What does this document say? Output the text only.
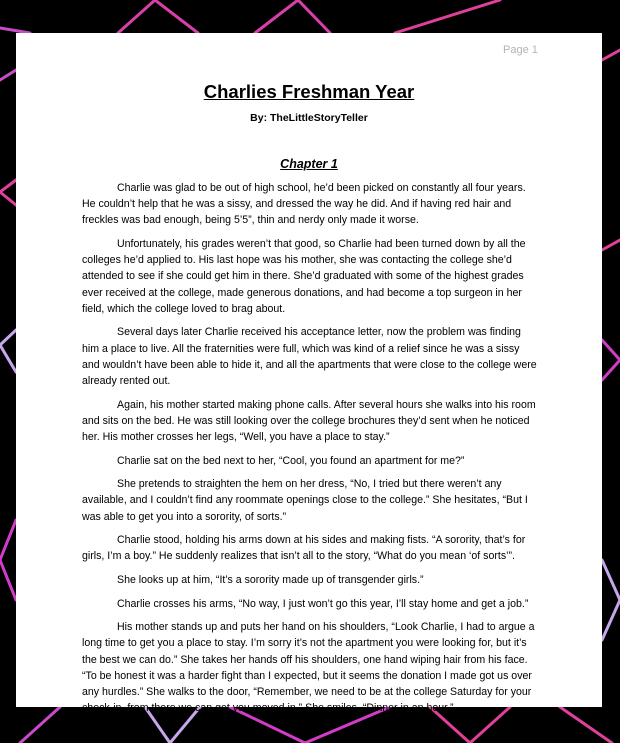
Page 1
Charlies Freshman Year
By: TheLittleStoryTeller
Chapter 1

Charlie was glad to be out of high school, he’d been picked on constantly all four years. He couldn’t help that he was a sissy, and dressed the way he did. And if having red hair and freckles was bad enough, being 5’5”, thin and nerdy only made it worse.

Unfortunately, his grades weren’t that good, so Charlie had been turned down by all the colleges he’d applied to. His last hope was his mother, she was contacting the college she’d attended to see if she could get him in there. She’d graduated with some of the highest grades ever received at the college, made generous donations, and had become a top surgeon in her field, which the college loved to brag about.

Several days later Charlie received his acceptance letter, now the problem was finding him a place to live. All the fraternities were full, which was kind of a relief since he was a sissy and wouldn’t have been able to hide it, and all the apartments that were close to the college were already rented out.

Again, his mother started making phone calls. After several hours she walks into his room and sits on the bed. He was still looking over the college brochures they’d sent when he noticed her. His mother crosses her legs, “Well, you have a place to stay.”

Charlie sat on the bed next to her, “Cool, you found an apartment for me?”

She pretends to straighten the hem on her dress, “No, I tried but there weren’t any available, and I couldn’t find any roommate openings close to the college.” She hesitates, “But I was able to get you into a sorority, of sorts.”

Charlie stood, holding his arms down at his sides and making fists. “A sorority, that’s for girls, I’m a boy.” He suddenly realizes that isn’t all to the story, “What do you mean ‘of sorts’”.

She looks up at him, “It’s a sorority made up of transgender girls.”

Charlie crosses his arms, “No way, I just won’t go this year, I’ll stay home and get a job.”

His mother stands up and puts her hand on his shoulders, “Look Charlie, I had to argue a long time to get you a place to stay. I’m sorry it’s not the apartment you were looking for, but it’s the best we can do.” She takes her hands off his shoulders, one hand wiping hair from his face. “To be honest it was a harder fight than I expected, but it seems the donation I made got us over any hurdles.” She walks to the door, “Remember, we need to be at the college Saturday for your check-in, from there we can get you moved in.” She smiles, “Dinner in an hour.”
